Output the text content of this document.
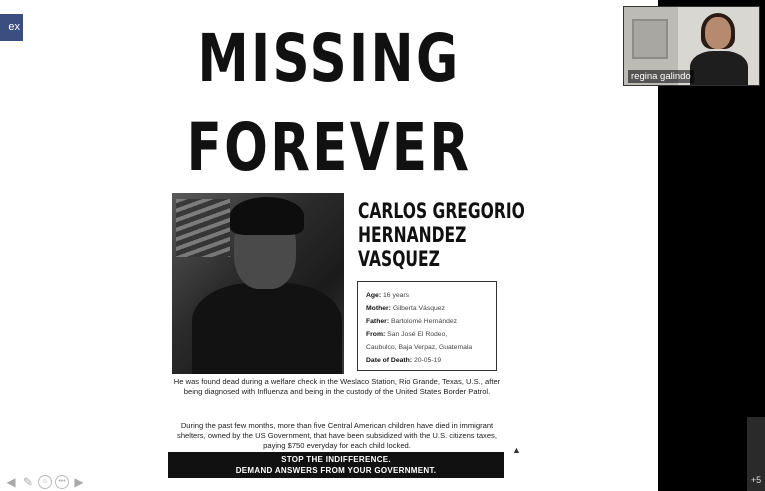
MISSING
FOREVER
CARLOS GREGORIO
HERNANDEZ
VASQUEZ
Age: 16 years
Mother: Gilberta Vásquez
Father: Bartolomé Hernández
From: San José El Rodeo,
Caubulco, Baja Verpaz, Guatemala
Date of Death: 20-05-19
He was found dead during a welfare check in the Weslaco Station, Rio Grande, Texas, U.S., after being diagnosed with Influenza and being in the custody of the United States Border Patrol.
During the past few months, more than five Central American children have died in immigrant shelters, owned by the US Government, that have been subsidized with the U.S. citizens taxes, paying $750 everyday for each child locked.
STOP THE INDIFFERENCE.
DEMAND ANSWERS FROM YOUR GOVERNMENT.
▲
◀ ✎	☺	••• ▶
ex
regina galindo
+5
